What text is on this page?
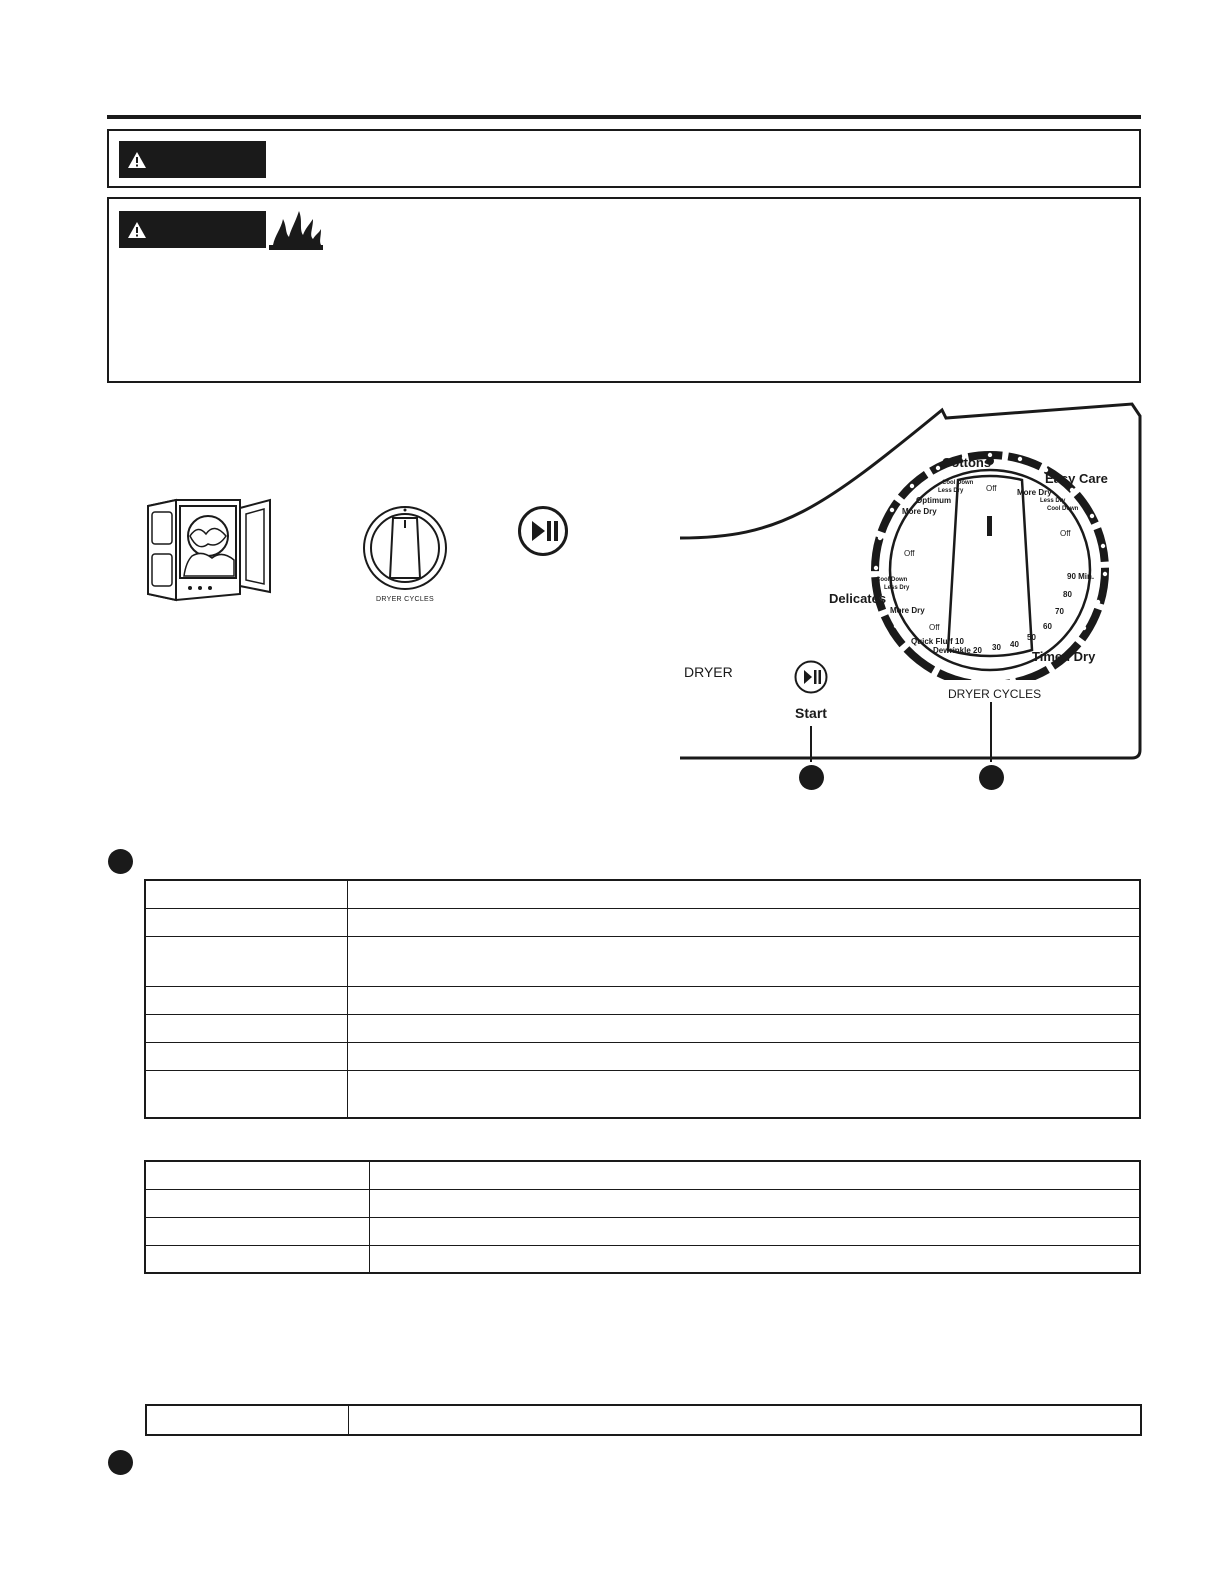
DRYER CYCLES
DRYER
DRYER CYCLES
Start
Cottons
Cool Down
Less Dry
Optimum
More Dry
Off
Easy Care
More Dry
Less Dry
Cool Down
Off
Off
Cool Down
Less Dry
Delicates
More Dry
Off
90 Min.
80
70
60
50
40
30
Quick Fluff 10
Dewrinkle 20	Timed Dry
